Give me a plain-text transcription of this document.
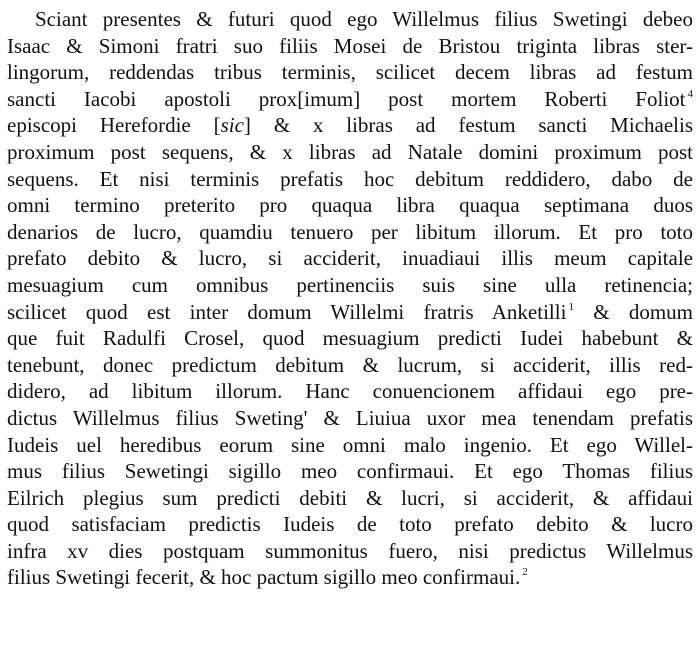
Sciant presentes & futuri quod ego Willelmus filius Swetingi debeo
Isaac & Simoni fratri suo filiis Mosei de Bristou triginta libras ster-
lingorum, reddendas tribus terminis, scilicet decem libras ad festum
sancti Iacobi apostoli prox[imum] post mortem Roberti Foliot $^4$
episcopi Herefordie [sic] & x libras ad festum sancti Michaelis
proximum post sequens, & x libras ad Natale domini proximum post
sequens. Et nisi terminis prefatis hoc debitum reddidero, dabo de
omni termino preterito pro quaqua libra quaqua septimana duos
denarios de lucro, quamdiu tenuero per libitum illorum. Et pro toto
prefato debito & lucro, si acciderit, inuadiaui illis meum capitale
mesuagium cum omnibus pertinenciis suis sine ulla retinencia;
scilicet quod est inter domum Willelmi fratris Anketilli $^1$ & domum
que fuit Radulfi Crosel, quod mesuagium predicti Iudei habebunt &
tenebunt, donec predictum debitum & lucrum, si acciderit, illis red-
didero, ad libitum illorum. Hanc conuencionem affidaui ego pre-
dictus Willelmus filius Sweting' & Liuiua uxor mea tenendam prefatis
Iudeis uel heredibus eorum sine omni malo ingenio. Et ego Willel-
mus filius Sewetingi sigillo meo confirmaui. Et ego Thomas filius
Eilrich plegius sum predicti debiti & lucri, si acciderit, & affidaui
quod satisfaciam predictis Iudeis de toto prefato debito & lucro
infra xv dies postquam summonitus fuero, nisi predictus Willelmus
filius Swetingi fecerit, & hoc pactum sigillo meo confirmaui. $^2$
